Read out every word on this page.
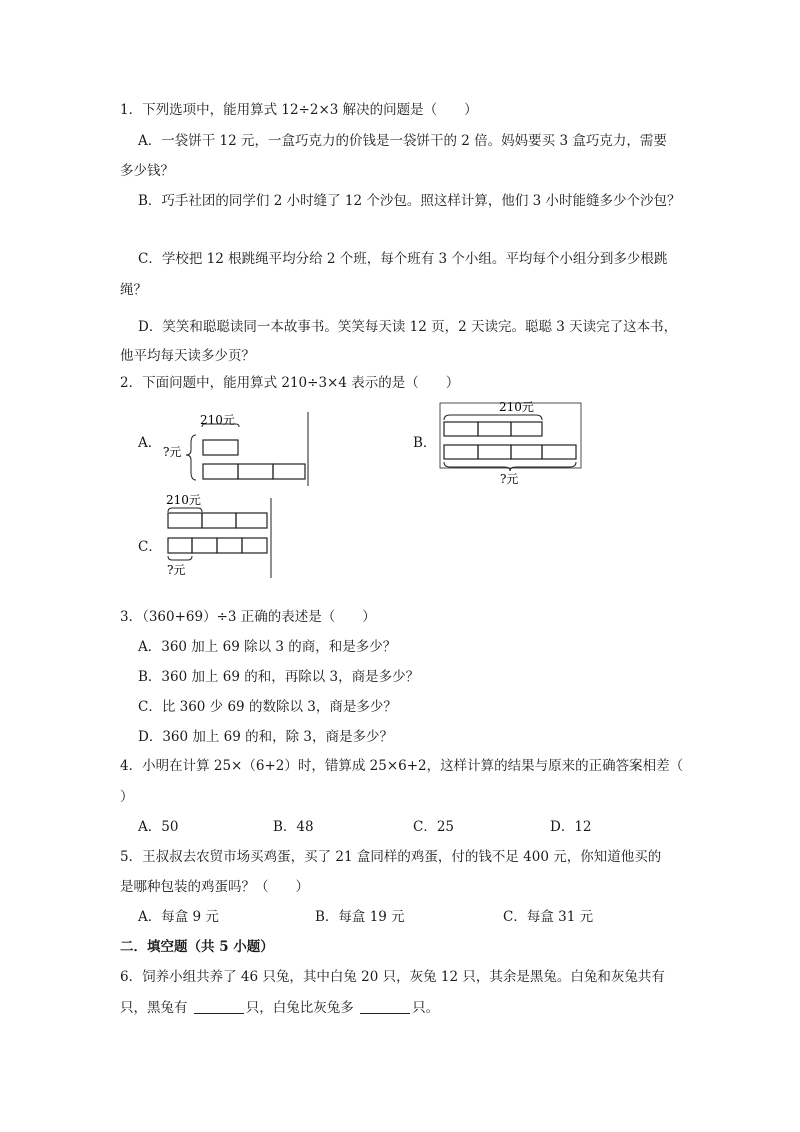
1．下列选项中，能用算式 12÷2×3 解决的问题是（　　）
A．一袋饼干 12 元，一盒巧克力的价钱是一袋饼干的 2 倍。妈妈要买 3 盒巧克力，需要
多少钱？
B．巧手社团的同学们 2 小时缝了 12 个沙包。照这样计算，他们 3 小时能缝多少个沙包？
C．学校把 12 根跳绳平均分给 2 个班，每个班有 3 个小组。平均每个小组分到多少根跳
绳？
D．笑笑和聪聪读同一本故事书。笑笑每天读 12 页，2 天读完。聪聪 3 天读完了这本书，
他平均每天读多少页？
2．下面问题中，能用算式 210÷3×4 表示的是（　　）
A．
210元
?元
B．
210元
?元
C．
210元
?元
3．（360+69）÷3 正确的表述是（　　）
A．360 加上 69 除以 3 的商，和是多少？
B．360 加上 69 的和，再除以 3，商是多少？
C．比 360 少 69 的数除以 3，商是多少？
D．360 加上 69 的和，除 3，商是多少？
4．小明在计算 25×（6+2）时，错算成 25×6+2，这样计算的结果与原来的正确答案相差（
）
A．50	B．48	C．25	D．12
5．王叔叔去农贸市场买鸡蛋，买了 21 盒同样的鸡蛋，付的钱不足 400 元，你知道他买的
是哪种包装的鸡蛋吗？（　　）
A．每盒 9 元	B．每盒 19 元	C．每盒 31 元
二．填空题（共 5 小题）
6．饲养小组共养了 46 只兔，其中白兔 20 只，灰兔 12 只，其余是黑兔。白兔和灰兔共有
只，黑兔有	只，白兔比灰兔多	只。
